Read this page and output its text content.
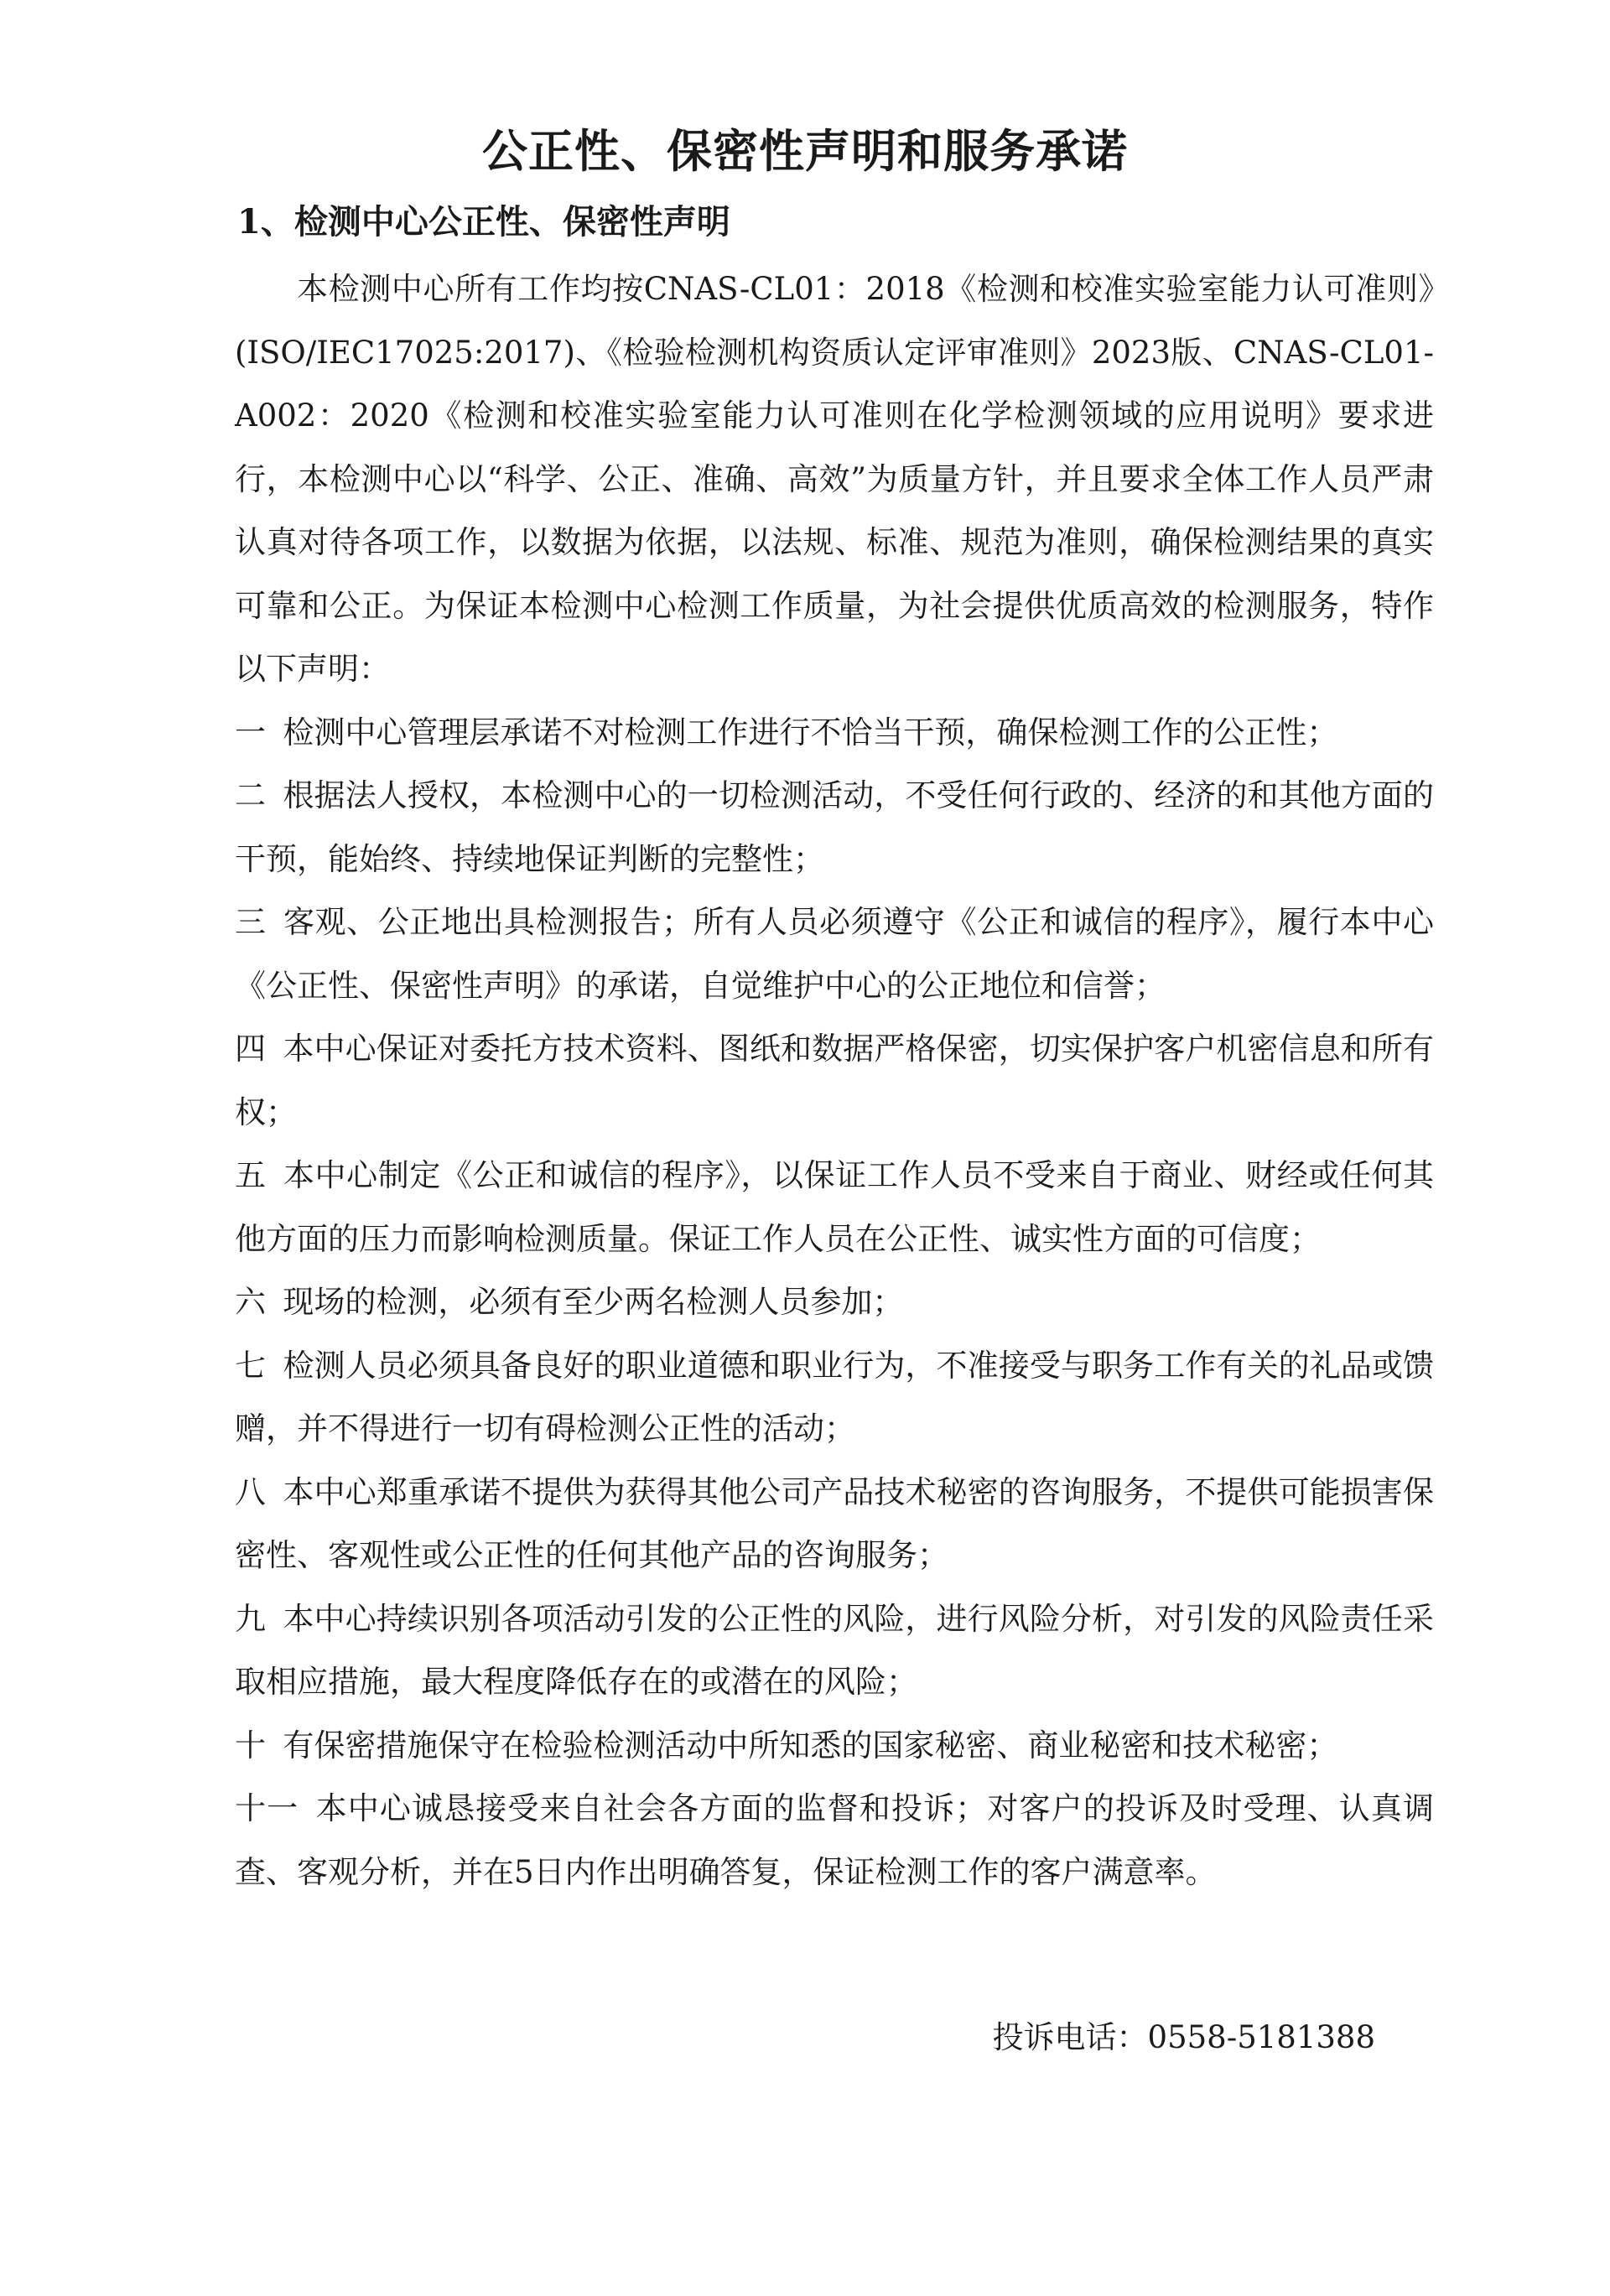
公正性、保密性声明和服务承诺
1、检测中心公正性、保密性声明

本检测中心所有工作均按CNAS-CL01：2018《检测和校准实验室能力认可准则》(ISO/IEC17025:2017)、《检验检测机构资质认定评审准则》2023版、CNAS-CL01-A002：2020《检测和校准实验室能力认可准则在化学检测领域的应用说明》要求进行，本检测中心以“科学、公正、准确、高效”为质量方针，并且要求全体工作人员严肃认真对待各项工作，以数据为依据，以法规、标准、规范为准则，确保检测结果的真实可靠和公正。为保证本检测中心检测工作质量，为社会提供优质高效的检测服务，特作以下声明：

一 检测中心管理层承诺不对检测工作进行不恰当干预，确保检测工作的公正性；
二 根据法人授权，本检测中心的一切检测活动，不受任何行政的、经济的和其他方面的干预，能始终、持续地保证判断的完整性；
三 客观、公正地出具检测报告；所有人员必须遵守《公正和诚信的程序》，履行本中心《公正性、保密性声明》的承诺，自觉维护中心的公正地位和信誉；
四 本中心保证对委托方技术资料、图纸和数据严格保密，切实保护客户机密信息和所有权；
五 本中心制定《公正和诚信的程序》，以保证工作人员不受来自于商业、财经或任何其他方面的压力而影响检测质量。保证工作人员在公正性、诚实性方面的可信度；
六 现场的检测，必须有至少两名检测人员参加；
七 检测人员必须具备良好的职业道德和职业行为，不准接受与职务工作有关的礼品或馈赠，并不得进行一切有碍检测公正性的活动；
八 本中心郑重承诺不提供为获得其他公司产品技术秘密的咨询服务，不提供可能损害保密性、客观性或公正性的任何其他产品的咨询服务；
九 本中心持续识别各项活动引发的公正性的风险，进行风险分析，对引发的风险责任采取相应措施，最大程度降低存在的或潜在的风险；
十 有保密措施保守在检验检测活动中所知悉的国家秘密、商业秘密和技术秘密；
十一 本中心诚恳接受来自社会各方面的监督和投诉；对客户的投诉及时受理、认真调查、客观分析，并在5日内作出明确答复，保证检测工作的客户满意率。

投诉电话：0558-5181388
